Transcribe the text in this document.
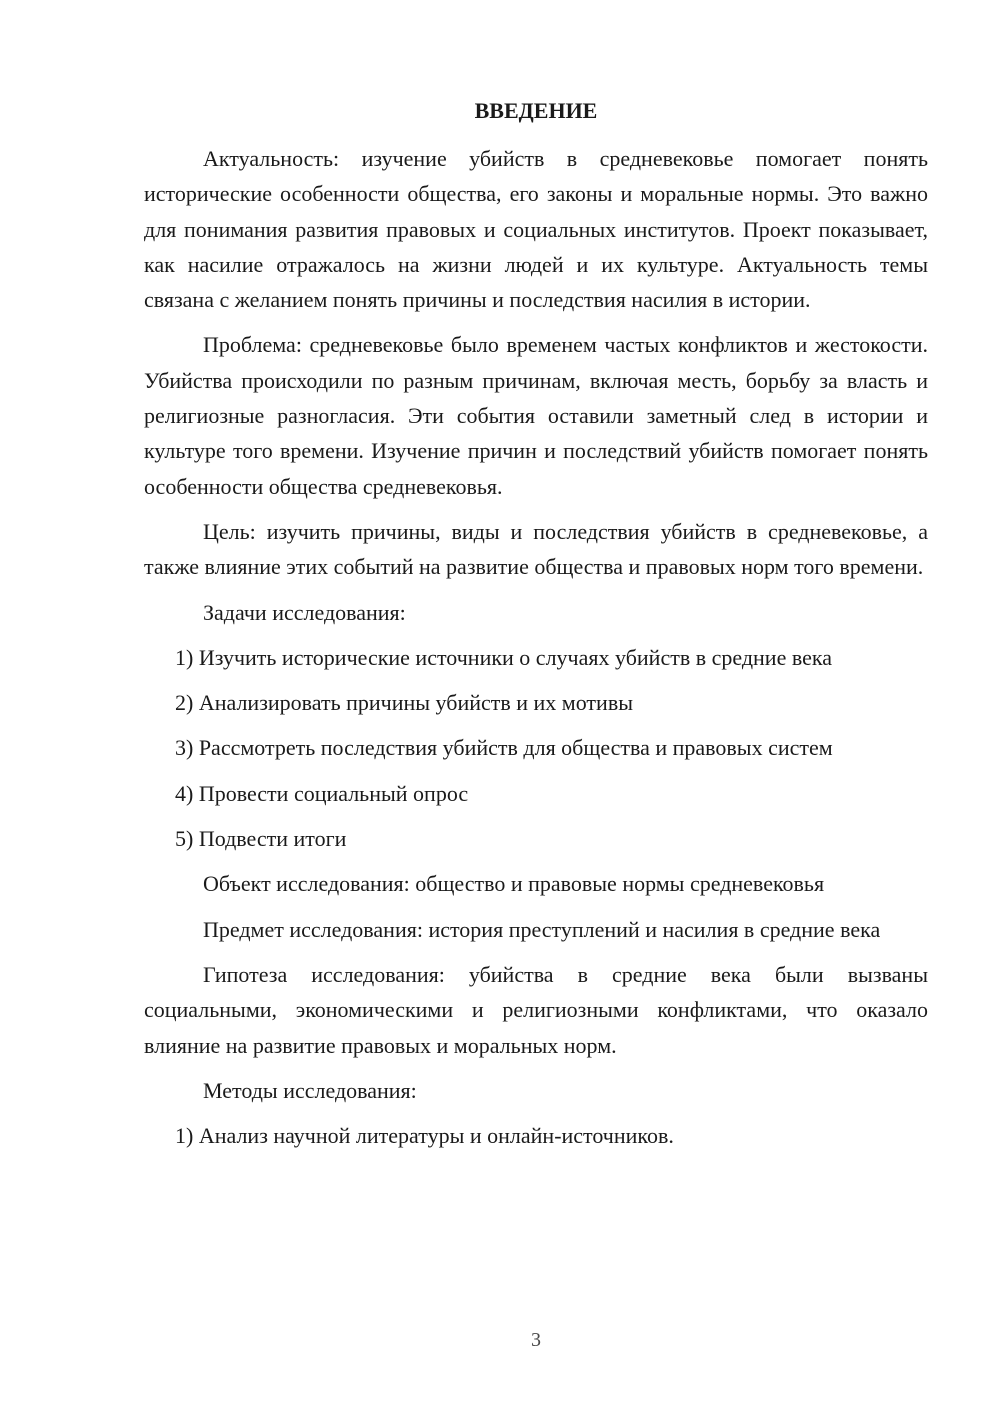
ВВЕДЕНИЕ

Актуальность: изучение убийств в средневековье помогает понять исторические особенности общества, его законы и моральные нормы. Это важно для понимания развития правовых и социальных институтов. Проект показывает, как насилие отражалось на жизни людей и их культуре. Актуальность темы связана с желанием понять причины и последствия насилия в истории.

Проблема: средневековье было временем частых конфликтов и жестокости. Убийства происходили по разным причинам, включая месть, борьбу за власть и религиозные разногласия. Эти события оставили заметный след в истории и культуре того времени. Изучение причин и последствий убийств помогает понять особенности общества средневековья.

Цель: изучить причины, виды и последствия убийств в средневековье, а также влияние этих событий на развитие общества и правовых норм того времени.

Задачи исследования:

1) Изучить исторические источники о случаях убийств в средние века
2) Анализировать причины убийств и их мотивы
3) Рассмотреть последствия убийств для общества и правовых систем
4) Провести социальный опрос
5) Подвести итоги

Объект исследования: общество и правовые нормы средневековья

Предмет исследования: история преступлений и насилия в средние века

Гипотеза исследования: убийства в средние века были вызваны социальными, экономическими и религиозными конфликтами, что оказало влияние на развитие правовых и моральных норм.

Методы исследования:

1) Анализ научной литературы и онлайн-источников.
3
